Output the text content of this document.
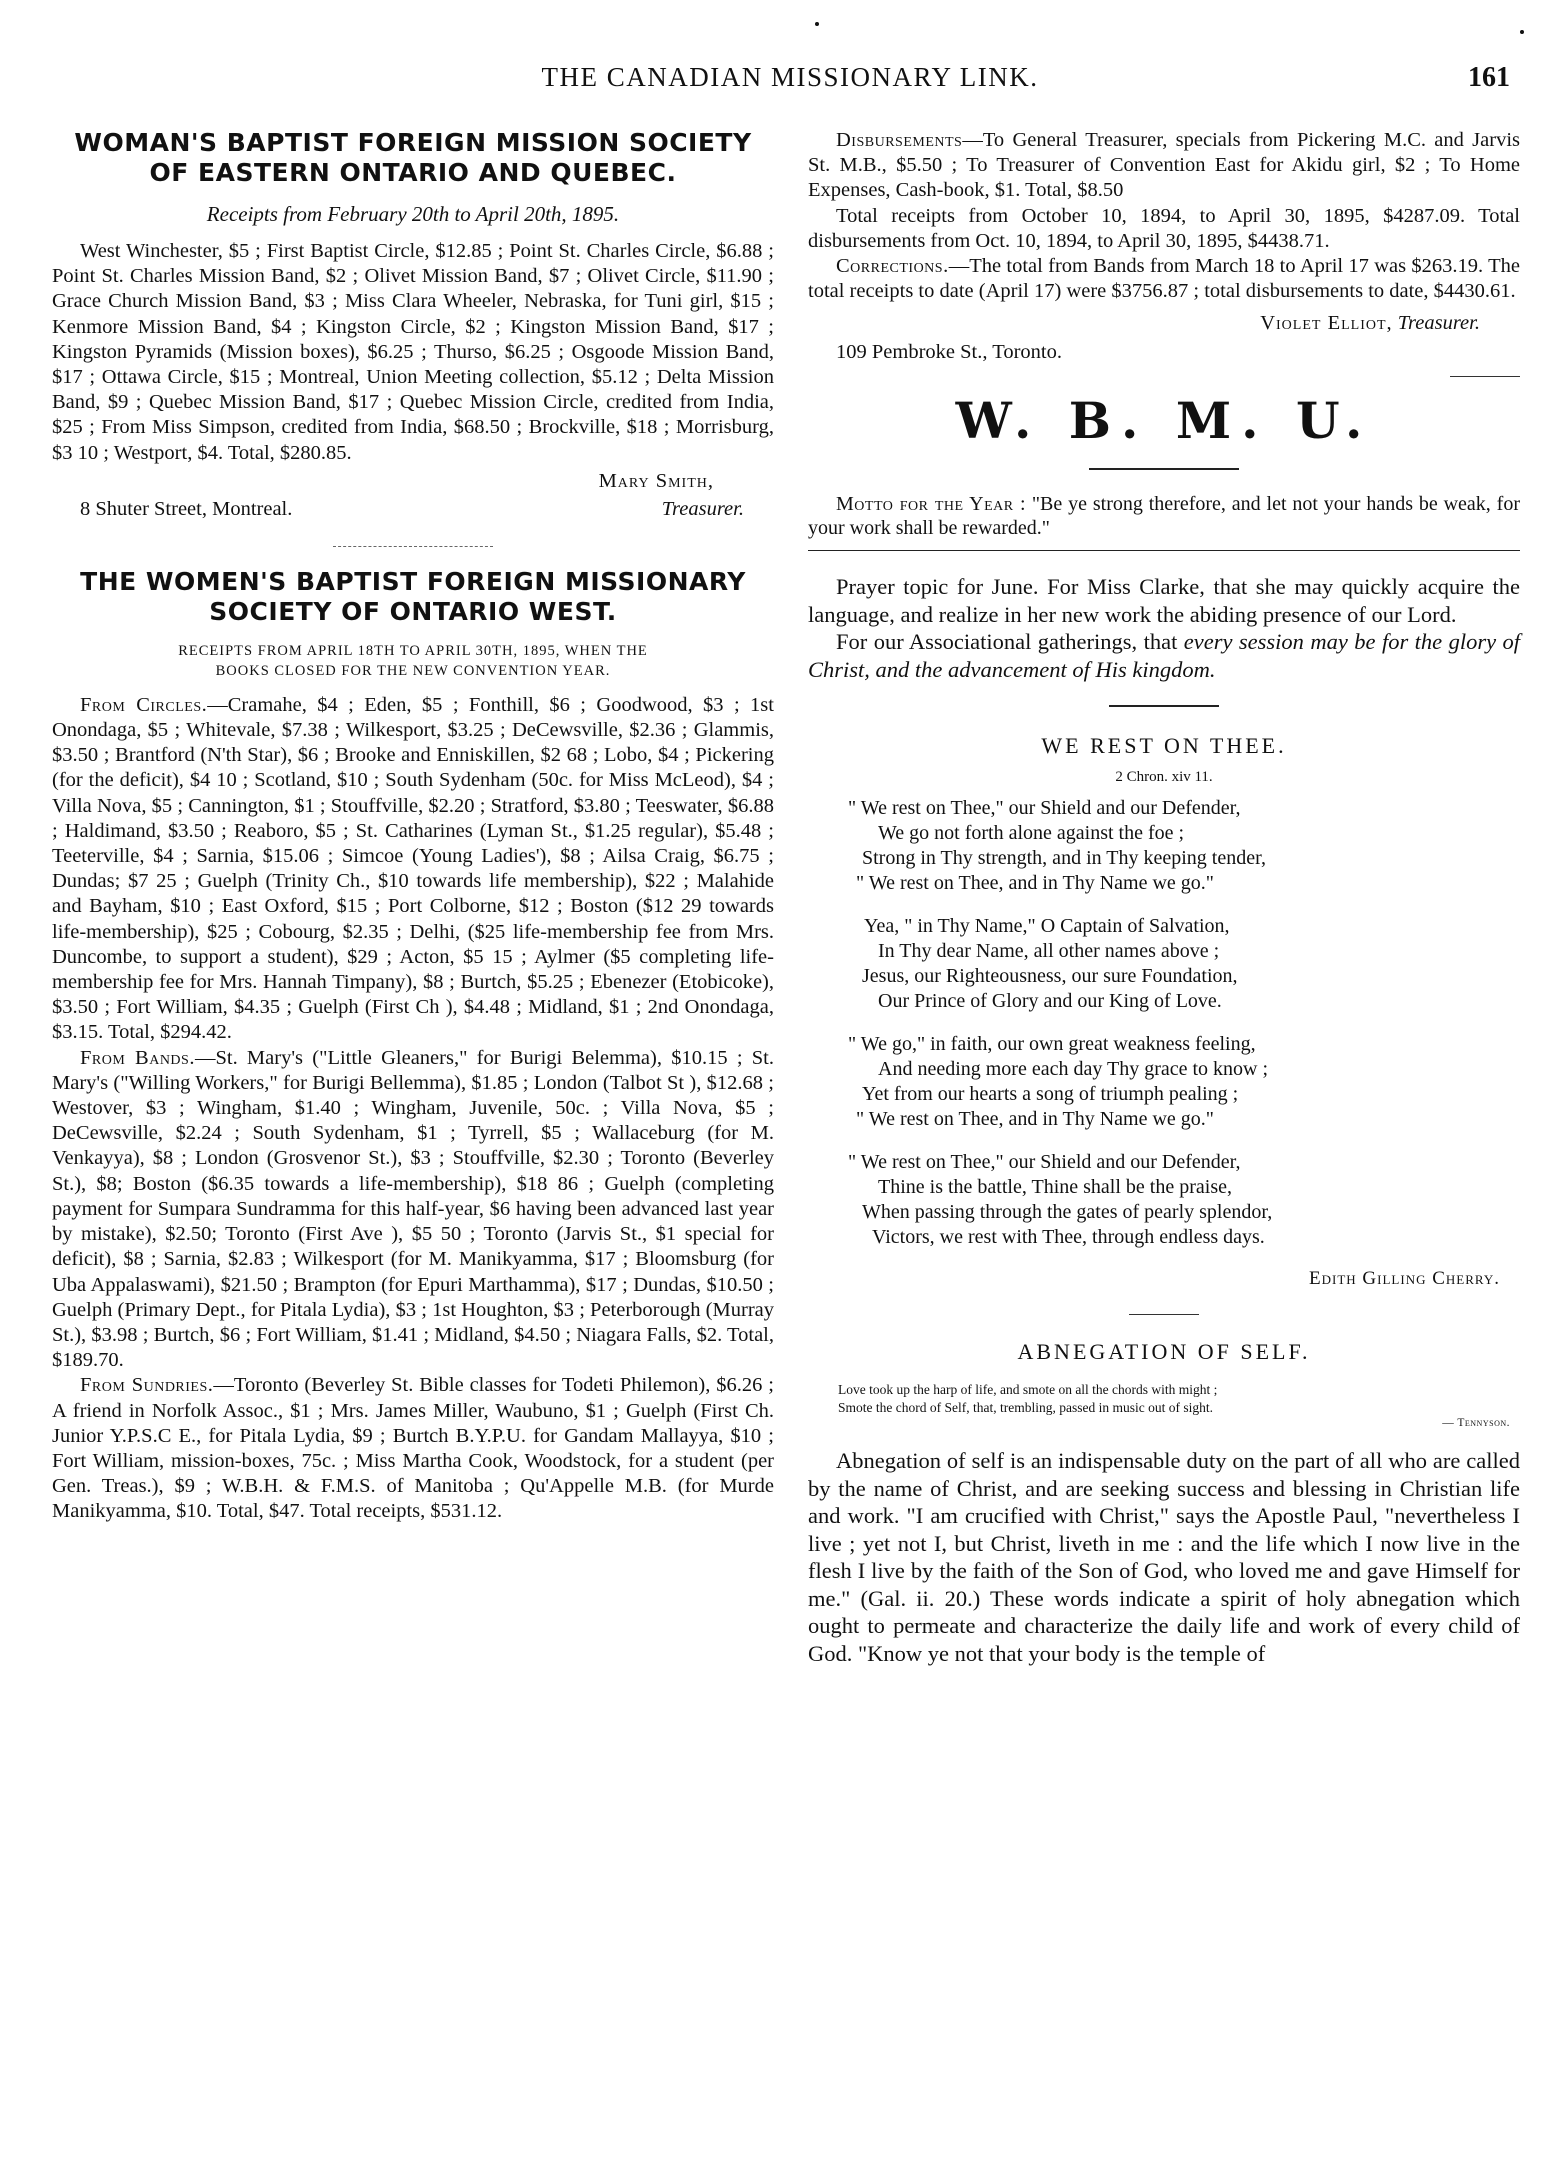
THE CANADIAN MISSIONARY LINK.	161
WOMAN'S BAPTIST FOREIGN MISSION SOCIETY
OF EASTERN ONTARIO AND QUEBEC.
Receipts from February 20th to April 20th, 1895.

West Winchester, $5 ; First Baptist Circle, $12.85 ; Point St. Charles Circle, $6.88 ; Point St. Charles Mission Band, $2 ; Olivet Mission Band, $7 ; Olivet Circle, $11.90 ; Grace Church Mission Band, $3 ; Miss Clara Wheeler, Nebraska, for Tuni girl, $15 ; Kenmore Mission Band, $4 ; Kingston Circle, $2 ; Kingston Mission Band, $17 ; Kingston Pyramids (Mission boxes), $6.25 ; Thurso, $6.25 ; Osgoode Mission Band, $17 ; Ottawa Circle, $15 ; Montreal, Union Meeting collection, $5.12 ; Delta Mission Band, $9 ; Quebec Mission Band, $17 ; Quebec Mission Circle, credited from India, $25 ; From Miss Simpson, credited from India, $68.50 ; Brockville, $18 ; Morrisburg, $3 10 ; Westport, $4. Total, $280.85.

Mary Smith,
8 Shuter Street, Montreal.	Treasurer.
THE WOMEN'S BAPTIST FOREIGN MISSIONARY
SOCIETY OF ONTARIO WEST.
RECEIPTS FROM APRIL 18TH TO APRIL 30TH, 1895, WHEN THE
BOOKS CLOSED FOR THE NEW CONVENTION YEAR.

From Circles.—Cramahe, $4 ; Eden, $5 ; Fonthill, $6 ; Goodwood, $3 ; 1st Onondaga, $5 ; Whitevale, $7.38 ; Wilkesport, $3.25 ; DeCewsville, $2.36 ; Glammis, $3.50 ; Brantford (N'th Star), $6 ; Brooke and Enniskillen, $2 68 ; Lobo, $4 ; Pickering (for the deficit), $4 10 ; Scotland, $10 ; South Sydenham (50c. for Miss McLeod), $4 ; Villa Nova, $5 ; Cannington, $1 ; Stouffville, $2.20 ; Stratford, $3.80 ; Teeswater, $6.88 ; Haldimand, $3.50 ; Reaboro, $5 ; St. Catharines (Lyman St., $1.25 regular), $5.48 ; Teeterville, $4 ; Sarnia, $15.06 ; Simcoe (Young Ladies'), $8 ; Ailsa Craig, $6.75 ; Dundas; $7 25 ; Guelph (Trinity Ch., $10 towards life membership), $22 ; Malahide and Bayham, $10 ; East Oxford, $15 ; Port Colborne, $12 ; Boston ($12 29 towards life-membership), $25 ; Cobourg, $2.35 ; Delhi, ($25 life-membership fee from Mrs. Duncombe, to support a student), $29 ; Acton, $5 15 ; Aylmer ($5 completing life-membership fee for Mrs. Hannah Timpany), $8 ; Burtch, $5.25 ; Ebenezer (Etobicoke), $3.50 ; Fort William, $4.35 ; Guelph (First Ch ), $4.48 ; Midland, $1 ; 2nd Onondaga, $3.15. Total, $294.42.

From Bands.—St. Mary's ("Little Gleaners," for Burigi Belemma), $10.15 ; St. Mary's ("Willing Workers," for Burigi Bellemma), $1.85 ; London (Talbot St ), $12.68 ; Westover, $3 ; Wingham, $1.40 ; Wingham, Juvenile, 50c. ; Villa Nova, $5 ; DeCewsville, $2.24 ; South Sydenham, $1 ; Tyrrell, $5 ; Wallaceburg (for M. Venkayya), $8 ; London (Grosvenor St.), $3 ; Stouffville, $2.30 ; Toronto (Beverley St.), $8; Boston ($6.35 towards a life-membership), $18 86 ; Guelph (completing payment for Sumpara Sundramma for this half-year, $6 having been advanced last year by mistake), $2.50; Toronto (First Ave ), $5 50 ; Toronto (Jarvis St., $1 special for deficit), $8 ; Sarnia, $2.83 ; Wilkesport (for M. Manikyamma, $17 ; Bloomsburg (for Uba Appalaswami), $21.50 ; Brampton (for Epuri Marthamma), $17 ; Dundas, $10.50 ; Guelph (Primary Dept., for Pitala Lydia), $3 ; 1st Houghton, $3 ; Peterborough (Murray St.), $3.98 ; Burtch, $6 ; Fort William, $1.41 ; Midland, $4.50 ; Niagara Falls, $2. Total, $189.70.

From Sundries.—Toronto (Beverley St. Bible classes for Todeti Philemon), $6.26 ; A friend in Norfolk Assoc., $1 ; Mrs. James Miller, Waubuno, $1 ; Guelph (First Ch. Junior Y.P.S.C E., for Pitala Lydia, $9 ; Burtch B.Y.P.U. for Gandam Mallayya, $10 ; Fort William, mission-boxes, 75c. ; Miss Martha Cook, Woodstock, for a student (per Gen. Treas.), $9 ; W.B.H. & F.M.S. of Manitoba ; Qu'Appelle M.B. (for Murde Manikyamma, $10. Total, $47. Total receipts, $531.12.

Disbursements—To General Treasurer, specials from Pickering M.C. and Jarvis St. M.B., $5.50 ; To Treasurer of Convention East for Akidu girl, $2 ; To Home Expenses, Cash-book, $1. Total, $8.50

Total receipts from October 10, 1894, to April 30, 1895, $4287.09. Total disbursements from Oct. 10, 1894, to April 30, 1895, $4438.71.

Corrections.—The total from Bands from March 18 to April 17 was $263.19. The total receipts to date (April 17) were $3756.87 ; total disbursements to date, $4430.61.

Violet Elliot, Treasurer.
109 Pembroke St., Toronto.
W. B. M. U.

Motto for the Year : "Be ye strong therefore, and let not your hands be weak, for your work shall be rewarded."

Prayer topic for June. For Miss Clarke, that she may quickly acquire the language, and realize in her new work the abiding presence of our Lord.

For our Associational gatherings, that every session may be for the glory of Christ, and the advancement of His kingdom.

WE REST ON THEE.
2 Chron. xiv 11.
" We rest on Thee," our Shield and our Defender,
We go not forth alone against the foe ;
Strong in Thy strength, and in Thy keeping tender,
" We rest on Thee, and in Thy Name we go."
Yea, " in Thy Name," O Captain of Salvation,
In Thy dear Name, all other names above ;
Jesus, our Righteousness, our sure Foundation,
Our Prince of Glory and our King of Love.
" We go," in faith, our own great weakness feeling,
And needing more each day Thy grace to know ;
Yet from our hearts a song of triumph pealing ;
" We rest on Thee, and in Thy Name we go."
" We rest on Thee," our Shield and our Defender,
Thine is the battle, Thine shall be the praise,
When passing through the gates of pearly splendor,
Victors, we rest with Thee, through endless days.
Edith Gilling Cherry.
ABNEGATION OF SELF.
Love took up the harp of life, and smote on all the chords with might ;
Smote the chord of Self, that, trembling, passed in music out of sight.
— Tennyson.

Abnegation of self is an indispensable duty on the part of all who are called by the name of Christ, and are seeking success and blessing in Christian life and work. "I am crucified with Christ," says the Apostle Paul, "nevertheless I live ; yet not I, but Christ, liveth in me : and the life which I now live in the flesh I live by the faith of the Son of God, who loved me and gave Himself for me." (Gal. ii. 20.) These words indicate a spirit of holy abnegation which ought to permeate and characterize the daily life and work of every child of God. "Know ye not that your body is the temple of
